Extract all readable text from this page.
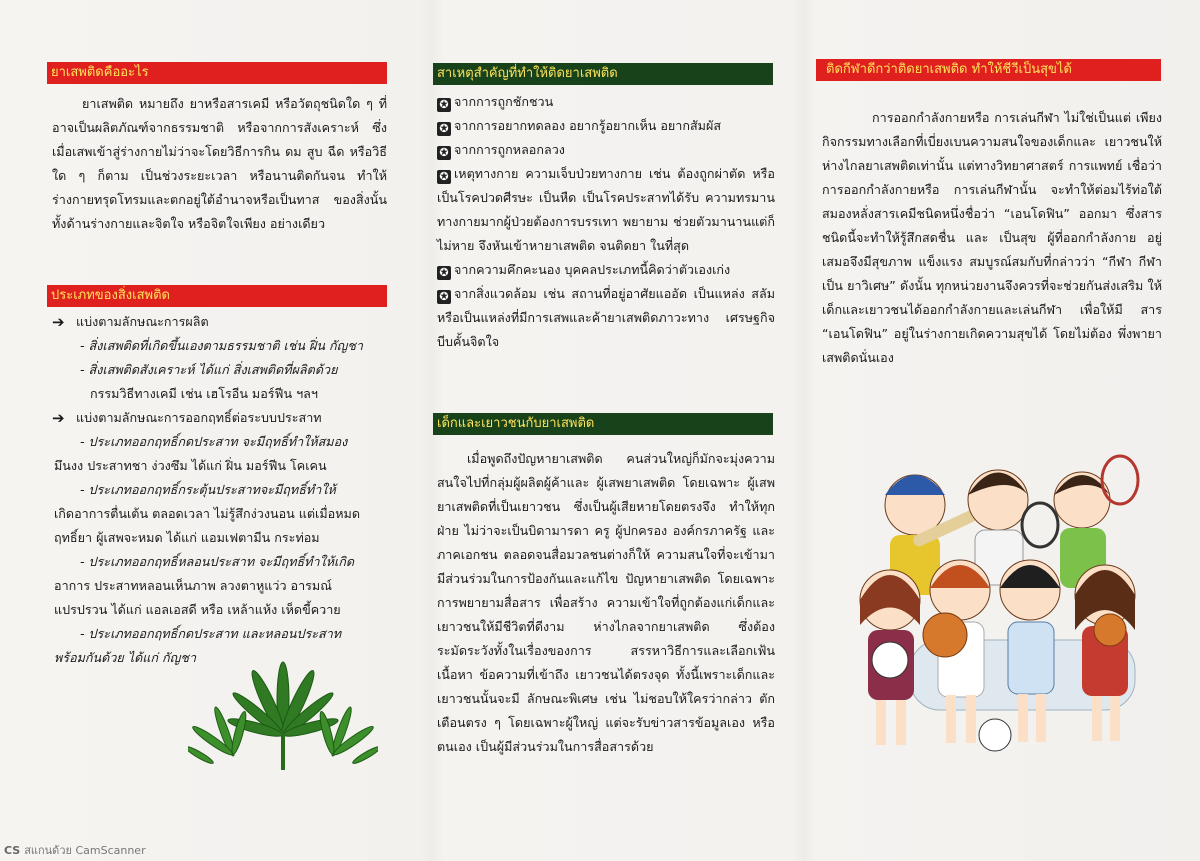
ยาเสพติดคืออะไร

ยาเสพติด หมายถึง ยาหรือสารเคมี หรือวัตถุชนิดใด ๆ ที่อาจเป็นผลิตภัณฑ์จากธรรมชาติ หรือจากการสังเคราะห์ ซึ่งเมื่อเสพเข้าสู่ร่างกายไม่ว่าจะโดยวิธีการกิน ดม สูบ ฉีด หรือวิธีใด ๆ ก็ตาม เป็นช่วงระยะเวลา หรือนานติดกันจน ทำให้ร่างกายทรุดโทรมและตกอยู่ใต้อำนาจหรือเป็นทาส ของสิ่งนั้น ทั้งด้านร่างกายและจิตใจ หรือจิตใจเพียง อย่างเดียว

ประเภทของสิ่งเสพติด
➔ แบ่งตามลักษณะการผลิต

- สิ่งเสพติดที่เกิดขึ้นเองตามธรรมชาติ เช่น ฝิ่น กัญชา

- สิ่งเสพติดสังเคราะห์ ได้แก่ สิ่งเสพติดที่ผลิตด้วย

กรรมวิธีทางเคมี เช่น เฮโรอีน มอร์ฟีน ฯลฯ

➔ แบ่งตามลักษณะการออกฤทธิ์ต่อระบบประสาท

- ประเภทออกฤทธิ์กดประสาท จะมีฤทธิ์ทำให้สมอง

มึนงง ประสาทชา ง่วงซึม ได้แก่ ฝิ่น มอร์ฟีน โคเคน

- ประเภทออกฤทธิ์กระตุ้นประสาทจะมีฤทธิ์ทำให้

เกิดอาการตื่นเต้น ตลอดเวลา ไม่รู้สึกง่วงนอน แต่เมื่อหมด

ฤทธิ์ยา ผู้เสพจะหมด ได้แก่ แอมเฟตามีน กระท่อม

- ประเภทออกฤทธิ์หลอนประสาท จะมีฤทธิ์ทำให้เกิด

อาการ ประสาทหลอนเห็นภาพ ลวงตาหูแว่ว อารมณ์

แปรปรวน ได้แก่ แอลเอสดี หรือ เหล้าแห้ง เห็ดขี้ควาย

- ประเภทออกฤทธิ์กดประสาท และหลอนประสาท

พร้อมกันด้วย ได้แก่ กัญชา

สาเหตุสำคัญที่ทำให้ติดยาเสพติด

✪ จากการถูกชักชวน

✪ จากการอยากทดลอง อยากรู้อยากเห็น อยากสัมผัส

✪ จากการถูกหลอกลวง

✪ เหตุทางกาย ความเจ็บป่วยทางกาย เช่น ต้องถูกผ่าตัด หรือเป็นโรคปวดศีรษะ เป็นหืด เป็นโรคประสาทได้รับ ความทรมานทางกายมากผู้ป่วยต้องการบรรเทา พยายาม ช่วยตัวมานานแต่ก็ไม่หาย จึงหันเข้าหายาเสพติด จนติดยา ในที่สุด

✪ จากความคึกคะนอง บุคคลประเภทนี้คิดว่าตัวเองเก่ง

✪ จากสิ่งแวดล้อม เช่น สถานที่อยู่อาศัยแออัด เป็นแหล่ง สลัมหรือเป็นแหล่งที่มีการเสพและค้ายาเสพติดภาวะทาง เศรษฐกิจ บีบคั้นจิตใจ

เด็กและเยาวชนกับยาเสพติด

เมื่อพูดถึงปัญหายาเสพติด คนส่วนใหญ่ก็มักจะมุ่งความ สนใจไปที่กลุ่มผู้ผลิตผู้ค้าและ ผู้เสพยาเสพติด โดยเฉพาะ ผู้เสพยาเสพติดที่เป็นเยาวชน ซึ่งเป็นผู้เสียหายโดยตรงจึง ทำให้ทุกฝ่าย ไม่ว่าจะเป็นบิดามารดา ครู ผู้ปกครอง องค์กรภาครัฐ และภาคเอกชน ตลอดจนสื่อมวลชนต่างก็ให้ ความสนใจที่จะเข้ามามีส่วนร่วมในการป้องกันและแก้ไข ปัญหายาเสพติด โดยเฉพาะการพยายามสื่อสาร เพื่อสร้าง ความเข้าใจที่ถูกต้องแก่เด็กและเยาวชนให้มีชีวิตที่ดีงาม ห่างไกลจากยาเสพติด ซึ่งต้องระมัดระวังทั้งในเรื่องของการ สรรหาวิธีการและเลือกเฟ้นเนื้อหา ข้อความที่เข้าถึง เยาวชนได้ตรงจุด ทั้งนี้เพราะเด็กและเยาวชนนั้นจะมี ลักษณะพิเศษ เช่น ไม่ชอบให้ใครว่ากล่าว ตักเตือนตรง ๆ โดยเฉพาะผู้ใหญ่ แต่จะรับข่าวสารข้อมูลเอง หรือตนเอง เป็นผู้มีส่วนร่วมในการสื่อสารด้วย

ติดกีฬาดีกว่าติดยาเสพติด ทำให้ชีวีเป็นสุขได้

การออกกำลังกายหรือ การเล่นกีฬา ไม่ใช่เป็นแต่ เพียงกิจกรรมทางเลือกที่เบี่ยงเบนความสนใจของเด็กและ เยาวชนให้ห่างไกลยาเสพติดเท่านั้น แต่ทางวิทยาศาสตร์ การแพทย์ เชื่อว่า การออกกำลังกายหรือ การเล่นกีฬานั้น จะทำให้ต่อมไร้ท่อใต้สมองหลั่งสารเคมีชนิดหนึ่งชื่อว่า “เอนโดฟิน” ออกมา ซึ่งสารชนิดนี้จะทำให้รู้สึกสดชื่น และ เป็นสุข ผู้ที่ออกกำลังกาย อยู่เสมอจึงมีสุขภาพ แข็งแรง สมบูรณ์สมกับที่กล่าวว่า “กีฬา กีฬา เป็น ยาวิเศษ” ดังนั้น ทุกหน่วยงานจึงควรที่จะช่วยกันส่งเสริม ให้เด็กและเยาวชนได้ออกกำลังกายและเล่นกีฬา เพื่อให้มี สาร “เอนโดฟิน” อยู่ในร่างกายเกิดความสุขได้ โดยไม่ต้อง พึ่งพายาเสพติดนั่นเอง

CS สแกนด้วย CamScanner
